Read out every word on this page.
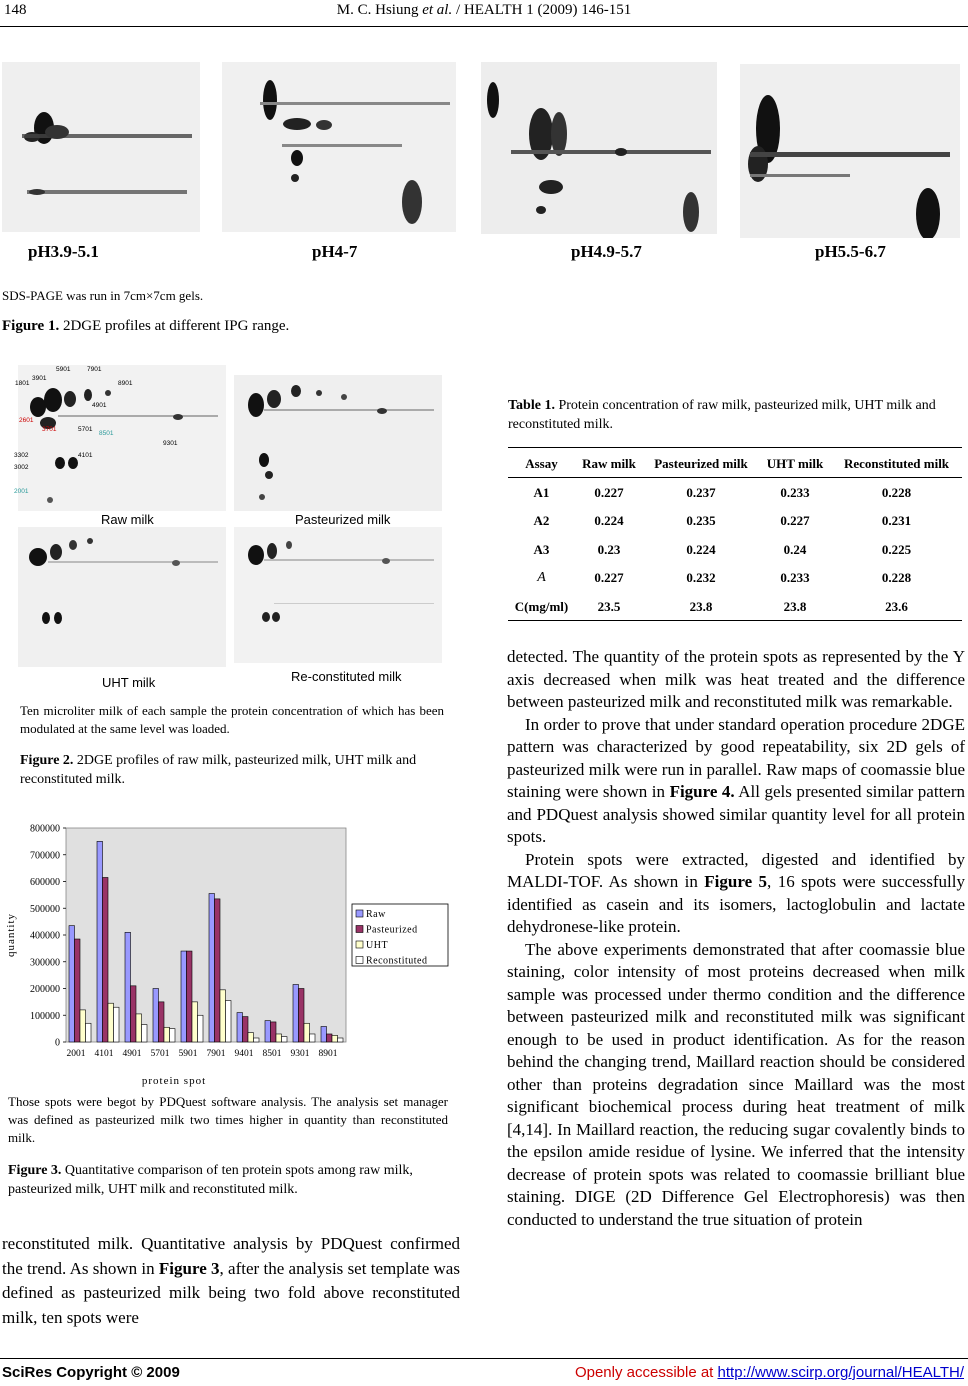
148	M. C. Hsiung et al. / HEALTH 1 (2009) 146-151
pH3.9-5.1	pH4-7	pH4.9-5.7	pH5.5-6.7
SDS-PAGE was run in 7cm×7cm gels.
Figure 1. 2DGE profiles at different IPG range.
1801
3901
5901	7901
8901
4901
2601
3701	5701
8501
9301
4101
3302
3002
2001
Raw milk	Pasteurized milk
UHT milk	Re-constituted milk
Ten microliter milk of each sample the protein concentration of which has been modulated at the same level was loaded.
Figure 2. 2DGE profiles of raw milk, pasteurized milk, UHT milk and reconstituted milk.
0
100000
200000
300000
400000
500000
600000
700000
800000
2001 4101 4901 5701 5901 7901 9401 8501 9301 8901
protein spot
quantity	Raw
Pasteurized
UHT
Reconstituted
Those spots were begot by PDQuest software analysis. The analysis set manager was defined as pasteurized milk two times higher in quantity than reconstituted milk.
Figure 3. Quantitative comparison of ten protein spots among raw milk, pasteurized milk, UHT milk and reconstituted milk.

reconstituted milk. Quantitative analysis by PDQuest confirmed the trend. As shown in Figure 3, after the analysis set template was defined as pasteurized milk being two fold above reconstituted milk, ten spots were

Table 1. Protein concentration of raw milk, pasteurized milk, UHT milk and reconstituted milk.
Assay	Raw milk	Pasteurized milk	UHT milk	Reconstituted milk
A1	0.227	0.237	0.233	0.228
A2	0.224	0.235	0.227	0.231
A3	0.23	0.224	0.24	0.225
A	0.227	0.232	0.233	0.228
C(mg/ml)	23.5	23.8	23.8	23.6

detected. The quantity of the protein spots as represented by the Y axis decreased when milk was heat treated and the difference between pasteurized milk and reconstituted milk was remarkable.

In order to prove that under standard operation procedure 2DGE pattern was characterized by good repeatability, six 2D gels of pasteurized milk were run in parallel. Raw maps of coomassie blue staining were shown in Figure 4. All gels presented similar pattern and PDQuest analysis showed similar quantity level for all protein spots.

Protein spots were extracted, digested and identified by MALDI-TOF. As shown in Figure 5, 16 spots were successfully identified as casein and its isomers, lactoglobulin and lactate dehydronese-like protein.

The above experiments demonstrated that after coomassie blue staining, color intensity of most proteins decreased when milk sample was processed under thermo condition and the difference between pasteurized milk and reconstituted milk was significant enough to be used in product identification. As for the reason behind the changing trend, Maillard reaction should be considered other than proteins degradation since Maillard was the most significant biochemical process during heat treatment of milk [4,14]. In Maillard reaction, the reducing sugar covalently binds to the epsilon amide residue of lysine. We inferred that the intensity decrease of protein spots was related to coomassie brilliant blue staining. DIGE (2D Difference Gel Electrophoresis) was then conducted to understand the true situation of protein

SciRes Copyright © 2009	Openly accessible at http://www.scirp.org/journal/HEALTH/
